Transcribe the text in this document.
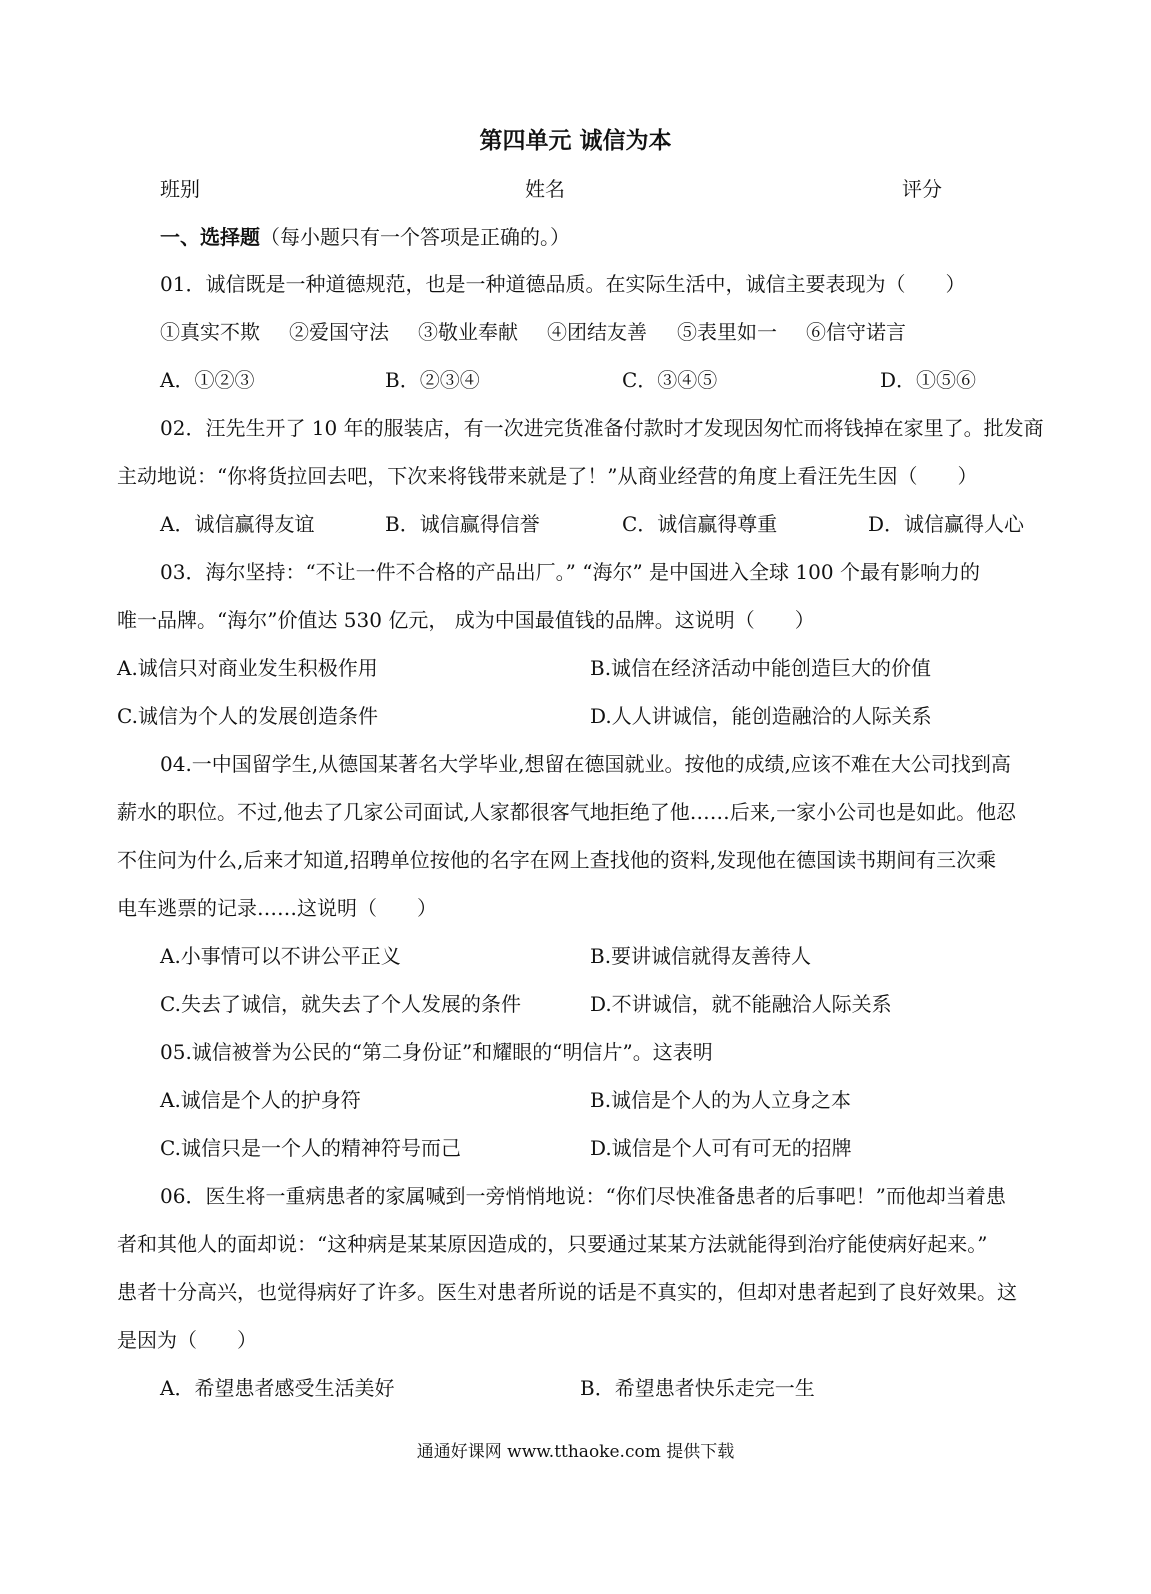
第四单元 诚信为本
班别	姓名	评分
一、选择题（每小题只有一个答项是正确的。）
01．诚信既是一种道德规范，也是一种道德品质。在实际生活中，诚信主要表现为（　　）
①真实不欺 ②爱国守法 ③敬业奉献 ④团结友善 ⑤表里如一 ⑥信守诺言
A．①②③	B．②③④	C．③④⑤	D．①⑤⑥
02．汪先生开了 10 年的服装店，有一次进完货准备付款时才发现因匆忙而将钱掉在家里了。批发商
主动地说：“你将货拉回去吧，下次来将钱带来就是了！”从商业经营的角度上看汪先生因（　　）
A．诚信赢得友谊	B．诚信赢得信誉	C．诚信赢得尊重	D．诚信赢得人心
03．海尔坚持：“不让一件不合格的产品出厂。” “海尔” 是中国进入全球 100 个最有影响力的
唯一品牌。“海尔”价值达 530 亿元， 成为中国最值钱的品牌。这说明（　　）
A.诚信只对商业发生积极作用	B.诚信在经济活动中能创造巨大的价值
C.诚信为个人的发展创造条件	D.人人讲诚信，能创造融洽的人际关系
04.一中国留学生,从德国某著名大学毕业,想留在德国就业。按他的成绩,应该不难在大公司找到高
薪水的职位。不过,他去了几家公司面试,人家都很客气地拒绝了他……后来,一家小公司也是如此。他忍
不住问为什么,后来才知道,招聘单位按他的名字在网上查找他的资料,发现他在德国读书期间有三次乘
电车逃票的记录……这说明（　　）
A.小事情可以不讲公平正义	B.要讲诚信就得友善待人
C.失去了诚信，就失去了个人发展的条件	D.不讲诚信，就不能融洽人际关系
05.诚信被誉为公民的“第二身份证”和耀眼的“明信片”。这表明
A.诚信是个人的护身符	B.诚信是个人的为人立身之本
C.诚信只是一个人的精神符号而己	D.诚信是个人可有可无的招牌
06．医生将一重病患者的家属喊到一旁悄悄地说：“你们尽快准备患者的后事吧！”而他却当着患
者和其他人的面却说：“这种病是某某原因造成的，只要通过某某方法就能得到治疗能使病好起来。”
患者十分高兴，也觉得病好了许多。医生对患者所说的话是不真实的，但却对患者起到了良好效果。这
是因为（　　）
A．希望患者感受生活美好	B．希望患者快乐走完一生
通通好课网 www.tthaoke.com 提供下载
